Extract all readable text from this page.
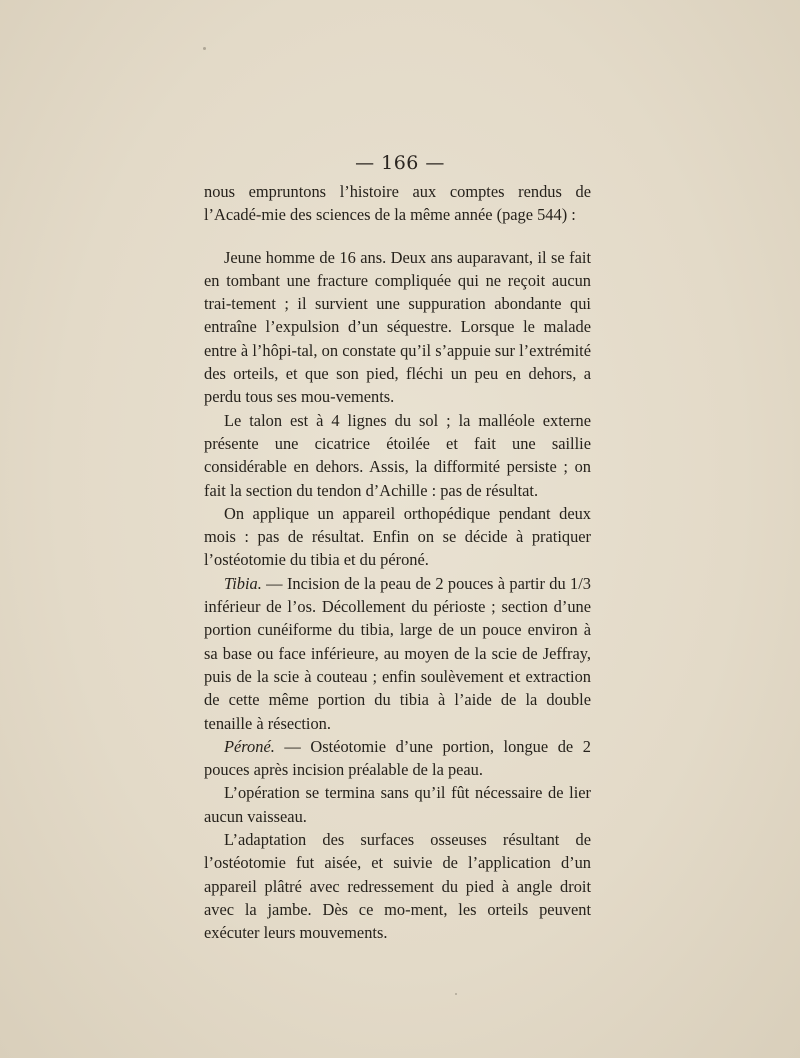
— 166 —

nous empruntons l’histoire aux comptes rendus de l’Acadé-mie des sciences de la même année (page 544) :

Jeune homme de 16 ans. Deux ans auparavant, il se fait en tombant une fracture compliquée qui ne reçoit aucun trai-tement ; il survient une suppuration abondante qui entraîne l’expulsion d’un séquestre. Lorsque le malade entre à l’hôpi-tal, on constate qu’il s’appuie sur l’extrémité des orteils, et que son pied, fléchi un peu en dehors, a perdu tous ses mou-vements.

Le talon est à 4 lignes du sol ; la malléole externe présente une cicatrice étoilée et fait une saillie considérable en dehors. Assis, la difformité persiste ; on fait la section du tendon d’Achille : pas de résultat.

On applique un appareil orthopédique pendant deux mois : pas de résultat. Enfin on se décide à pratiquer l’ostéotomie du tibia et du péroné.

Tibia. — Incision de la peau de 2 pouces à partir du 1/3 inférieur de l’os. Décollement du périoste ; section d’une portion cunéiforme du tibia, large de un pouce environ à sa base ou face inférieure, au moyen de la scie de Jeffray, puis de la scie à couteau ; enfin soulèvement et extraction de cette même portion du tibia à l’aide de la double tenaille à résection.

Péroné. — Ostéotomie d’une portion, longue de 2 pouces après incision préalable de la peau.

L’opération se termina sans qu’il fût nécessaire de lier aucun vaisseau.

L’adaptation des surfaces osseuses résultant de l’ostéotomie fut aisée, et suivie de l’application d’un appareil plâtré avec redressement du pied à angle droit avec la jambe. Dès ce mo-ment, les orteils peuvent exécuter leurs mouvements.
